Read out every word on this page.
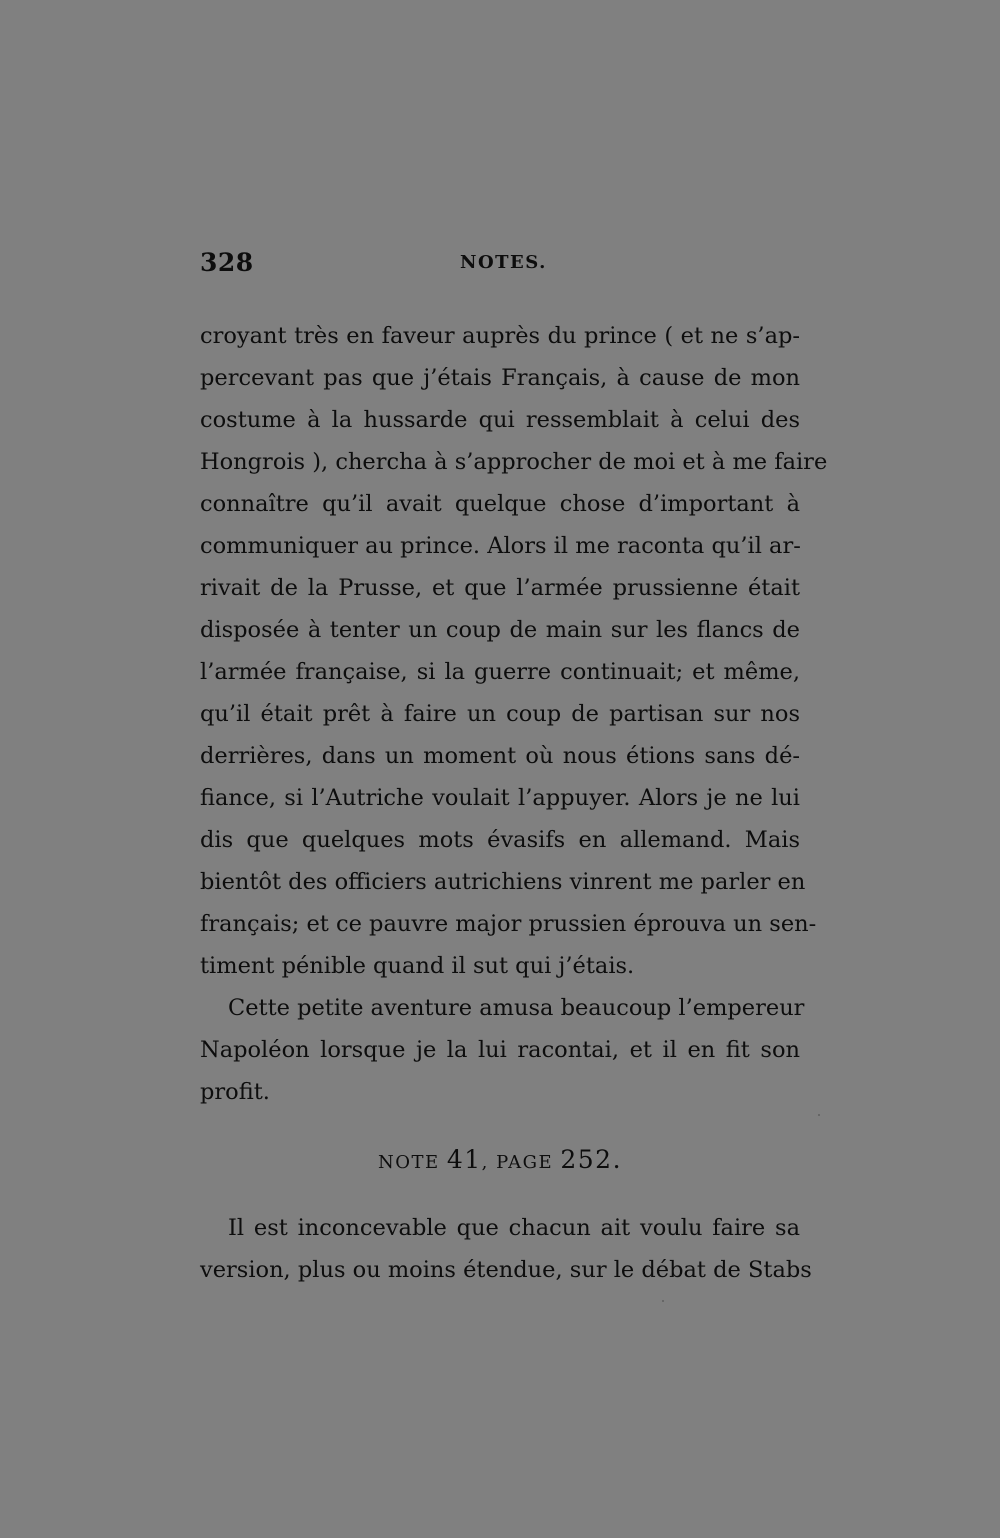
328	NOTES.
croyant très en faveur auprès du prince ( et ne s’ap-
percevant pas que j’étais Français, à cause de mon
costume à la hussarde qui ressemblait à celui des
Hongrois ), chercha à s’approcher de moi et à me faire
connaître qu’il avait quelque chose d’important à
communiquer au prince. Alors il me raconta qu’il ar-
rivait de la Prusse, et que l’armée prussienne était
disposée à tenter un coup de main sur les flancs de
l’armée française, si la guerre continuait; et même,
qu’il était prêt à faire un coup de partisan sur nos
derrières, dans un moment où nous étions sans dé-
fiance, si l’Autriche voulait l’appuyer. Alors je ne lui
dis que quelques mots évasifs en allemand. Mais
bientôt des officiers autrichiens vinrent me parler en
français; et ce pauvre major prussien éprouva un sen-
timent pénible quand il sut qui j’étais.
Cette petite aventure amusa beaucoup l’empereur
Napoléon lorsque je la lui racontai, et il en fit son
profit.
NOTE 41, PAGE 252.
Il est inconcevable que chacun ait voulu faire sa
version, plus ou moins étendue, sur le débat de Stabs
